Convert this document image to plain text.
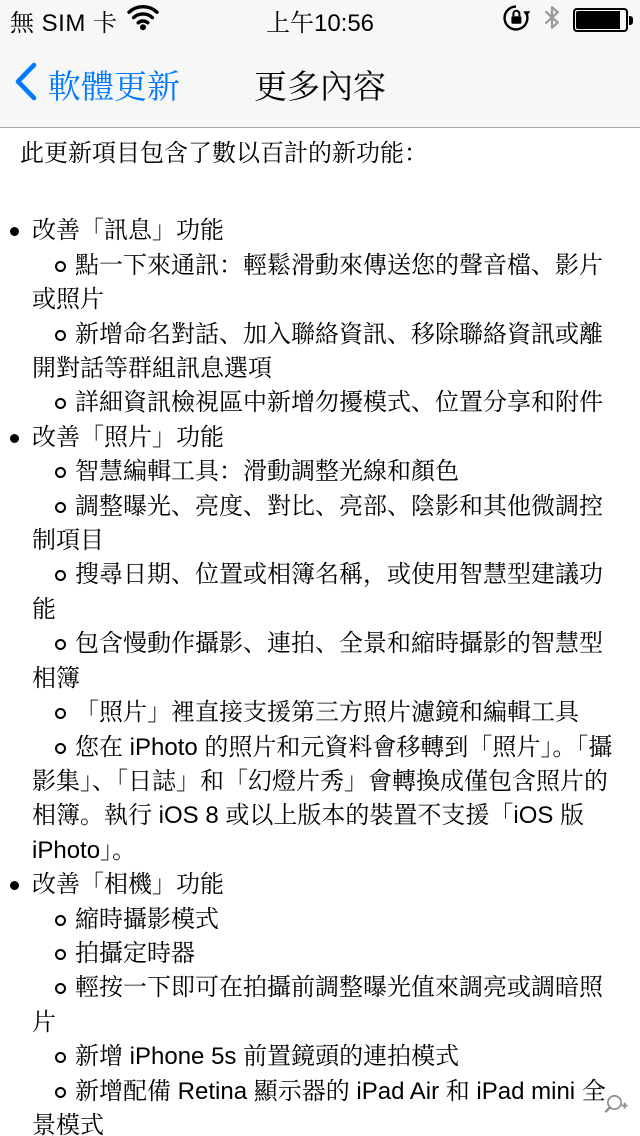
無 SIM 卡	上午10:56
更多內容
軟體更新

此更新項目包含了數以百計的新功能：

改善「訊息」功能
點一下來通訊：輕鬆滑動來傳送您的聲音檔、影片或照片
新增命名對話、加入聯絡資訊、移除聯絡資訊或離開對話等群組訊息選項
詳細資訊檢視區中新增勿擾模式、位置分享和附件
改善「照片」功能
智慧編輯工具：滑動調整光線和顏色
調整曝光、亮度、對比、亮部、陰影和其他微調控制項目
搜尋日期、位置或相簿名稱，或使用智慧型建議功能
包含慢動作攝影、連拍、全景和縮時攝影的智慧型相簿
「照片」裡直接支援第三方照片濾鏡和編輯工具
您在 iPhoto 的照片和元資料會移轉到「照片」。「攝影集」、「日誌」和「幻燈片秀」會轉換成僅包含照片的相簿。執行 iOS 8 或以上版本的裝置不支援「iOS 版 iPhoto」。
改善「相機」功能
縮時攝影模式
拍攝定時器
輕按一下即可在拍攝前調整曝光值來調亮或調暗照片
新增 iPhone 5s 前置鏡頭的連拍模式
新增配備 Retina 顯示器的 iPad Air 和 iPad mini 全景模式
